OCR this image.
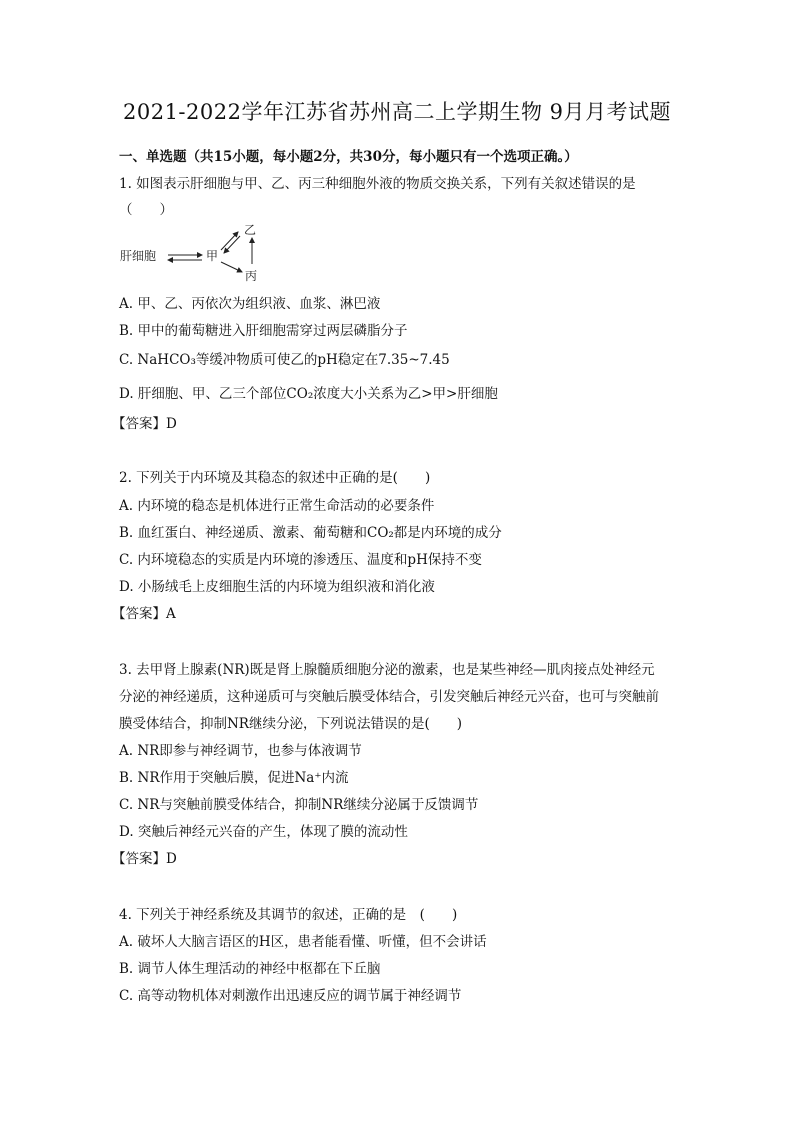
2021-2022学年江苏省苏州高二上学期生物 9月月考试题
一、单选题（共15小题，每小题2分，共30分，每小题只有一个选项正确。）
1. 如图表示肝细胞与甲、乙、丙三种细胞外液的物质交换关系，下列有关叙述错误的是
（　　）
肝细胞	甲
乙
丙
A. 甲、乙、丙依次为组织液、血浆、淋巴液
B. 甲中的葡萄糖进入肝细胞需穿过两层磷脂分子
C. NaHCO₃等缓冲物质可使乙的pH稳定在7.35~7.45
D. 肝细胞、甲、乙三个部位CO₂浓度大小关系为乙>甲>肝细胞
【答案】D
2. 下列关于内环境及其稳态的叙述中正确的是(　　)
A. 内环境的稳态是机体进行正常生命活动的必要条件
B. 血红蛋白、神经递质、激素、葡萄糖和CO₂都是内环境的成分
C. 内环境稳态的实质是内环境的渗透压、温度和pH保持不变
D. 小肠绒毛上皮细胞生活的内环境为组织液和消化液
【答案】A
3. 去甲肾上腺素(NR)既是肾上腺髓质细胞分泌的激素，也是某些神经—肌肉接点处神经元
分泌的神经递质，这种递质可与突触后膜受体结合，引发突触后神经元兴奋，也可与突触前
膜受体结合，抑制NR继续分泌，下列说法错误的是(　　)
A. NR即参与神经调节，也参与体液调节
B. NR作用于突触后膜，促进Na⁺内流
C. NR与突触前膜受体结合，抑制NR继续分泌属于反馈调节
D. 突触后神经元兴奋的产生，体现了膜的流动性
【答案】D
4. 下列关于神经系统及其调节的叙述，正确的是　(　　)
A. 破坏人大脑言语区的H区，患者能看懂、听懂，但不会讲话
B. 调节人体生理活动的神经中枢都在下丘脑
C. 高等动物机体对刺激作出迅速反应的调节属于神经调节
